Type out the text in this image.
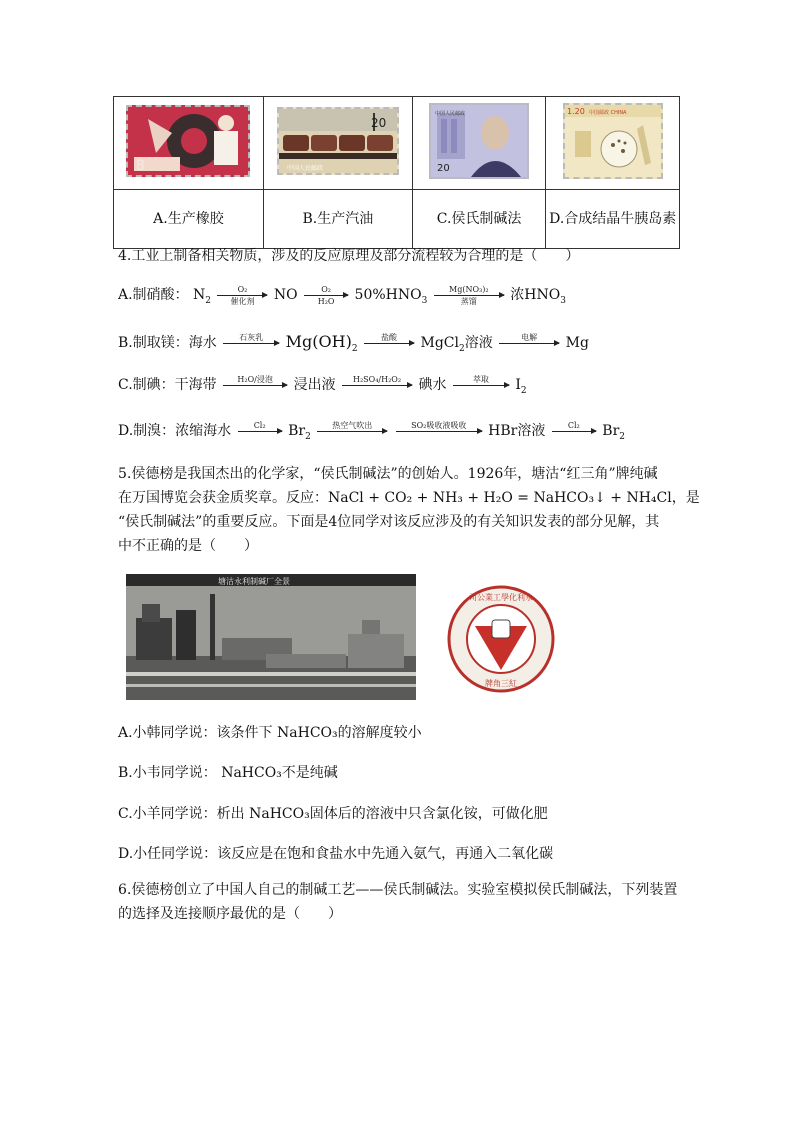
8	20
中国人民邮政	中国人民邮政
20	1.20 中国邮政 CHINA

A.生产橡胶	B.生产汽油	C.侯氏制碱法	D.合成结晶牛胰岛素
4.工业上制备相关物质，涉及的反应原理及部分流程较为合理的是（　　）
A.制硝酸： $N_2$
O₂
催化剂	NO $\frac{\text{O₂}}{\text{H₂O}} 50\%HNO_3$
Mg(NO₃)₂
蒸馏	浓$HNO_3$
B.制取镁：海水	石灰乳
	$Mg(OH)_2$
盐酸
	MgCl$_2$溶液	电解
	Mg
C.制碘：干海带	H₂O/浸泡
	浸出液	H₂SO₄/H₂O₂
	碘水	萃取
	$I_2$
D.制溴：浓缩海水	Cl₂
	$Br_2$
热空气吹出

	SO₂吸收液吸收
	HBr溶液	Cl₂
	$Br_2$
5.侯德榜是我国杰出的化学家，“侯氏制碱法”的创始人。1926年，塘沽“红三角”牌纯碱
在万国博览会获金质奖章。反应：NaCl + CO₂ + NH₃ + H₂O = NaHCO₃↓ + NH₄Cl，是
“侯氏制碱法”的重要反应。下面是4位同学对该反应涉及的有关知识发表的部分见解，其
中不正确的是（　　）
塘沽永利制碱厂全景
司公業工學化利永
牌角三紅
A.小韩同学说：该条件下 NaHCO₃的溶解度较小
B.小韦同学说： NaHCO₃不是纯碱
C.小羊同学说：析出 NaHCO₃固体后的溶液中只含氯化铵，可做化肥
D.小任同学说：该反应是在饱和食盐水中先通入氨气，再通入二氧化碳
6.侯德榜创立了中国人自己的制碱工艺——侯氏制碱法。实验室模拟侯氏制碱法，下列装置
的选择及连接顺序最优的是（　　）
